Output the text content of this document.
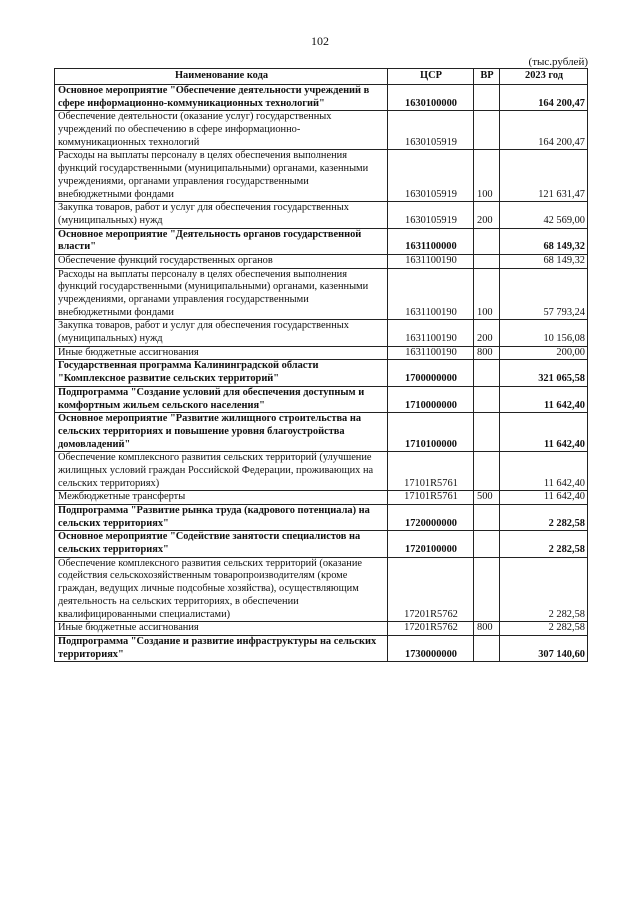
102
(тыс.рублей)
Наименование кода	ЦСР	ВР	2023 год
Основное мероприятие "Обеспечение деятельности учреждений в сфере информационно-коммуникационных технологий"	1630100000		164 200,47
Обеспечение деятельности (оказание услуг) государственных учреждений по обеспечению в сфере информационно-коммуникационных технологий	1630105919		164 200,47
Расходы на выплаты персоналу в целях обеспечения выполнения функций государственными (муниципальными) органами, казенными учреждениями, органами управления государственными внебюджетными фондами	1630105919	100	121 631,47
Закупка товаров, работ и услуг для обеспечения государственных (муниципальных) нужд	1630105919	200	42 569,00
Основное мероприятие "Деятельность органов государственной власти"	1631100000		68 149,32
Обеспечение функций государственных органов	1631100190		68 149,32
Расходы на выплаты персоналу в целях обеспечения выполнения функций государственными (муниципальными) органами, казенными учреждениями, органами управления государственными внебюджетными фондами	1631100190	100	57 793,24
Закупка товаров, работ и услуг для обеспечения государственных (муниципальных) нужд	1631100190	200	10 156,08
Иные бюджетные ассигнования	1631100190	800	200,00
Государственная программа Калининградской области "Комплексное развитие сельских территорий"	1700000000		321 065,58
Подпрограмма "Создание условий для обеспечения доступным и комфортным жильем сельского населения"	1710000000		11 642,40
Основное мероприятие "Развитие жилищного строительства на сельских территориях и повышение уровня благоустройства домовладений"	1710100000		11 642,40
Обеспечение комплексного развития сельских территорий (улучшение жилищных условий граждан Российской Федерации, проживающих на сельских территориях)	17101R5761		11 642,40
Межбюджетные трансферты	17101R5761	500	11 642,40
Подпрограмма "Развитие рынка труда (кадрового потенциала) на сельских территориях"	1720000000		2 282,58
Основное мероприятие "Содействие занятости специалистов на сельских территориях"	1720100000		2 282,58
Обеспечение комплексного развития сельских территорий (оказание содействия сельскохозяйственным товаропроизводителям (кроме граждан, ведущих личные подсобные хозяйства), осуществляющим деятельность на сельских территориях, в обеспечении квалифицированными специалистами)	17201R5762		2 282,58
Иные бюджетные ассигнования	17201R5762	800	2 282,58
Подпрограмма "Создание и развитие инфраструктуры на сельских территориях"	1730000000		307 140,60
